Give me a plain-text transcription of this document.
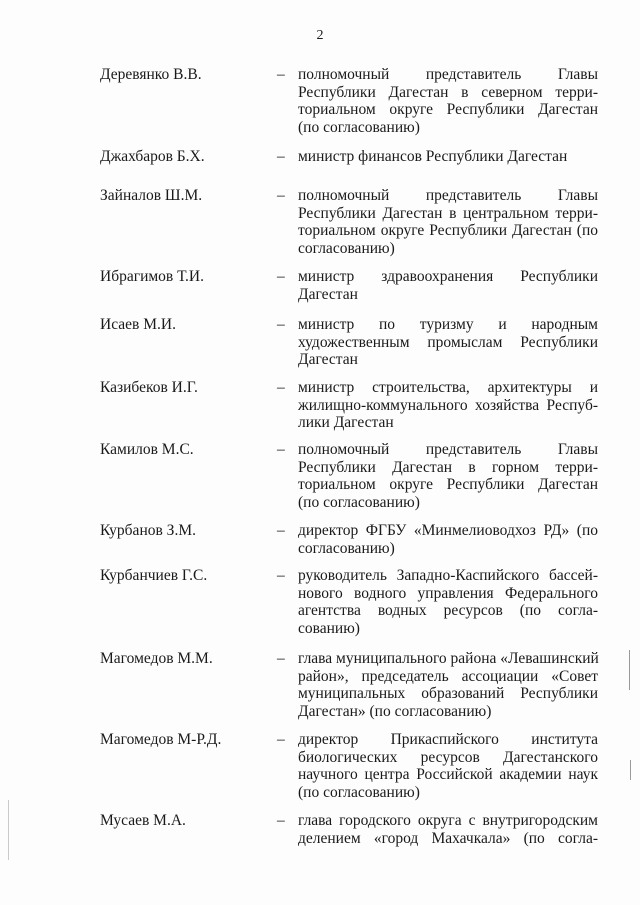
2
Деревянко В.В.	– полномочный представитель Главы
Республики Дагестан в северном терри-
ториальном округе Республики Дагестан
(по согласованию)
Джахбаров Б.Х.	– министр финансов Республики Дагестан
Зайналов Ш.М.	– полномочный представитель Главы
Республики Дагестан в центральном терри-
ториальном округе Республики Дагестан (по
согласованию)
Ибрагимов Т.И.	– министр здравоохранения Республики
Дагестан
Исаев М.И.	– министр по туризму и народным
художественным промыслам Республики
Дагестан
Казибеков И.Г.	– министр строительства, архитектуры и
жилищно-коммунального хозяйства Респуб-
лики Дагестан
Камилов М.С.	– полномочный представитель Главы
Республики Дагестан в горном терри-
ториальном округе Республики Дагестан
(по согласованию)
Курбанов З.М.	– директор ФГБУ «Минмелиоводхоз РД» (по
согласованию)
Курбанчиев Г.С.	– руководитель Западно-Каспийского бассей-
нового водного управления Федерального
агентства водных ресурсов (по согла-
сованию)
Магомедов М.М.	– глава муниципального района «Левашинский
район», председатель ассоциации «Совет
муниципальных образований Республики
Дагестан» (по согласованию)
Магомедов М-Р.Д.	– директор Прикаспийского института
биологических ресурсов Дагестанского
научного центра Российской академии наук
(по согласованию)
Мусаев М.А.	– глава городского округа с внутригородским
делением «город Махачкала» (по согла-
